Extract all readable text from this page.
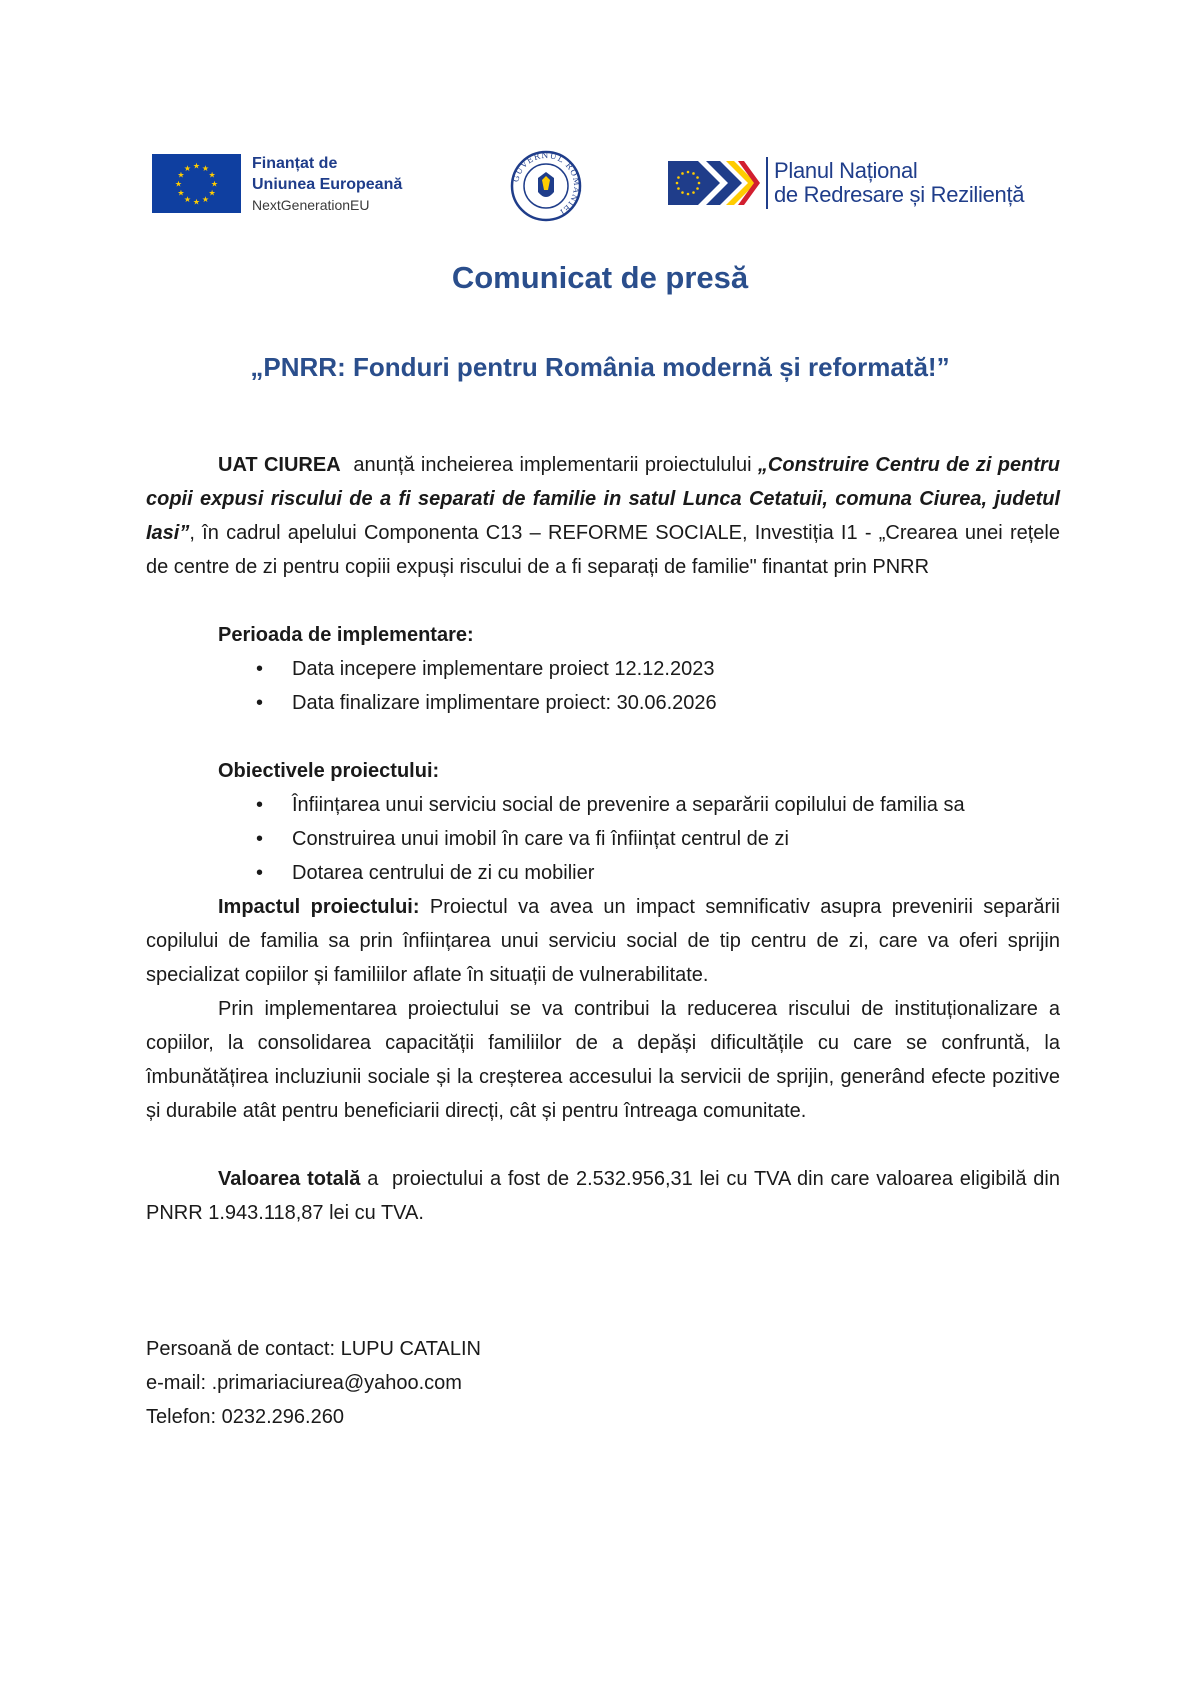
★ ★
★
★
★
★
★
★
★
★
★
★	Finanțat de
Uniunea Europeană
NextGenerationEU
GUVERNUL ROMÂNIEI
Planul Național
de Redresare și Reziliență
Comunicat de presă
„PNRR: Fonduri pentru România modernă și reformată!”

UAT CIUREA  anunță incheierea implementarii proiectulului „Construire Centru de zi pentru copii expusi riscului de a fi separati de familie in satul Lunca Cetatuii, comuna Ciurea, judetul Iasi”, în cadrul apelului Componenta C13 – REFORME SOCIALE, Investiția I1 - „Crearea unei rețele de centre de zi pentru copiii expuși riscului de a fi separați de familie" finantat prin PNRR

Perioada de implementare:
• Data incepere implementare proiect 12.12.2023
• Data finalizare implimentare proiect: 30.06.2026
Obiectivele proiectului:
• Înființarea unui serviciu social de prevenire a separării copilului de familia sa
• Construirea unui imobil în care va fi înființat centrul de zi
• Dotarea centrului de zi cu mobilier

Impactul proiectului: Proiectul va avea un impact semnificativ asupra prevenirii separării copilului de familia sa prin înființarea unui serviciu social de tip centru de zi, care va oferi sprijin specializat copiilor și familiilor aflate în situații de vulnerabilitate.

Prin implementarea proiectului se va contribui la reducerea riscului de instituționalizare a copiilor, la consolidarea capacității familiilor de a depăși dificultățile cu care se confruntă, la îmbunătățirea incluziunii sociale și la creșterea accesului la servicii de sprijin, generând efecte pozitive și durabile atât pentru beneficiarii direcți, cât și pentru întreaga comunitate.

Valoarea totală a  proiectului a fost de 2.532.956,31 lei cu TVA din care valoarea eligibilă din PNRR 1.943.118,87 lei cu TVA.

Persoană de contact: LUPU CATALIN
e-mail: .primariaciurea@yahoo.com
Telefon: 0232.296.260
